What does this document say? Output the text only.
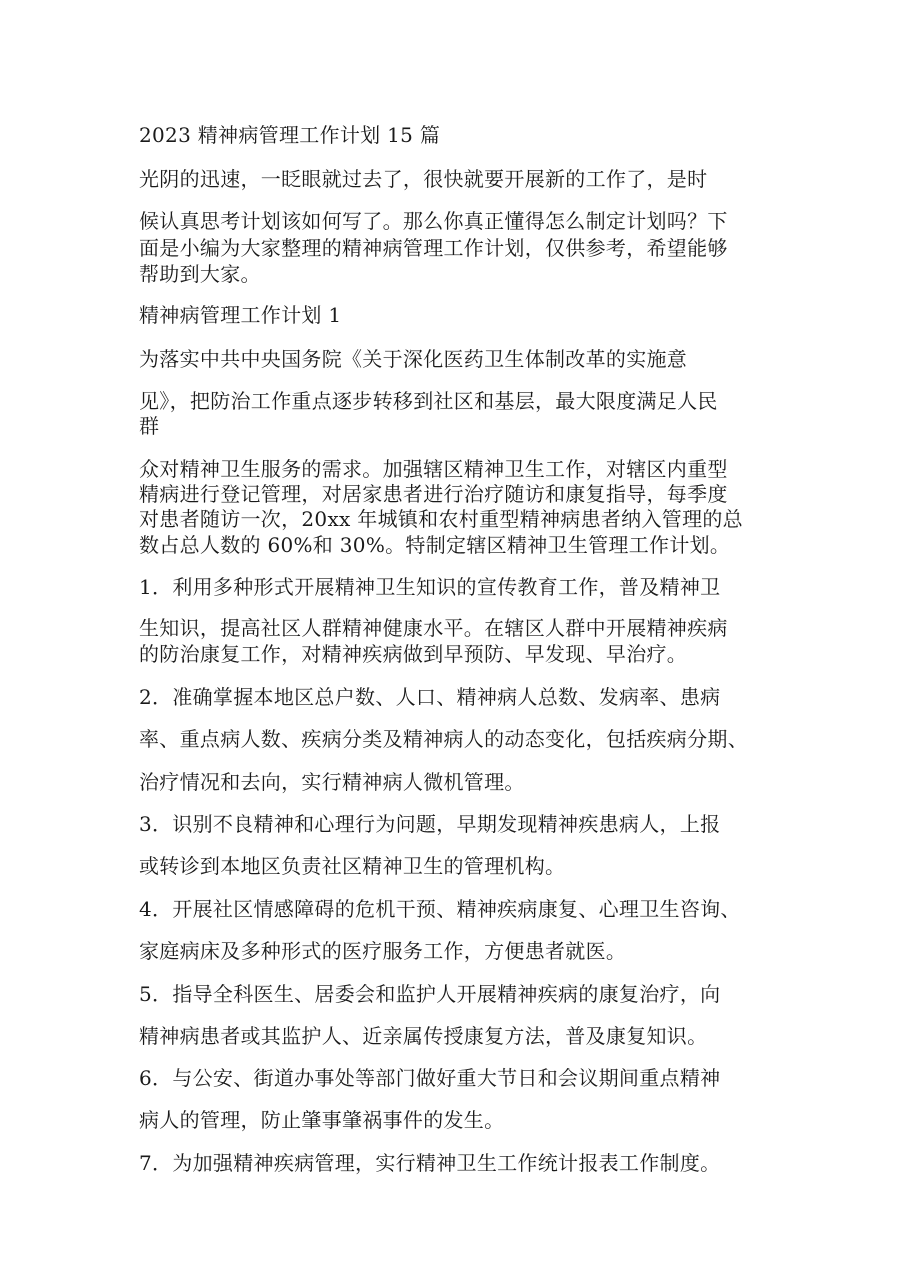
2023 精神病管理工作计划 15 篇

光阴的迅速，一眨眼就过去了，很快就要开展新的工作了，是时

候认真思考计划该如何写了。那么你真正懂得怎么制定计划吗？下

面是小编为大家整理的精神病管理工作计划，仅供参考，希望能够

帮助到大家。

精神病管理工作计划 1

为落实中共中央国务院《关于深化医药卫生体制改革的实施意

见》，把防治工作重点逐步转移到社区和基层，最大限度满足人民

群

众对精神卫生服务的需求。加强辖区精神卫生工作，对辖区内重型

精病进行登记管理，对居家患者进行治疗随访和康复指导，每季度

对患者随访一次，20xx 年城镇和农村重型精神病患者纳入管理的总

数占总人数的 60%和 30%。特制定辖区精神卫生管理工作计划。

1．利用多种形式开展精神卫生知识的宣传教育工作，普及精神卫

生知识，提高社区人群精神健康水平。在辖区人群中开展精神疾病

的防治康复工作，对精神疾病做到早预防、早发现、早治疗。

2．准确掌握本地区总户数、人口、精神病人总数、发病率、患病

率、重点病人数、疾病分类及精神病人的动态变化，包括疾病分期、

治疗情况和去向，实行精神病人微机管理。

3．识别不良精神和心理行为问题，早期发现精神疾患病人，上报

或转诊到本地区负责社区精神卫生的管理机构。

4．开展社区情感障碍的危机干预、精神疾病康复、心理卫生咨询、

家庭病床及多种形式的医疗服务工作，方便患者就医。

5．指导全科医生、居委会和监护人开展精神疾病的康复治疗，向

精神病患者或其监护人、近亲属传授康复方法，普及康复知识。

6．与公安、街道办事处等部门做好重大节日和会议期间重点精神

病人的管理，防止肇事肇祸事件的发生。

7．为加强精神疾病管理，实行精神卫生工作统计报表工作制度。
